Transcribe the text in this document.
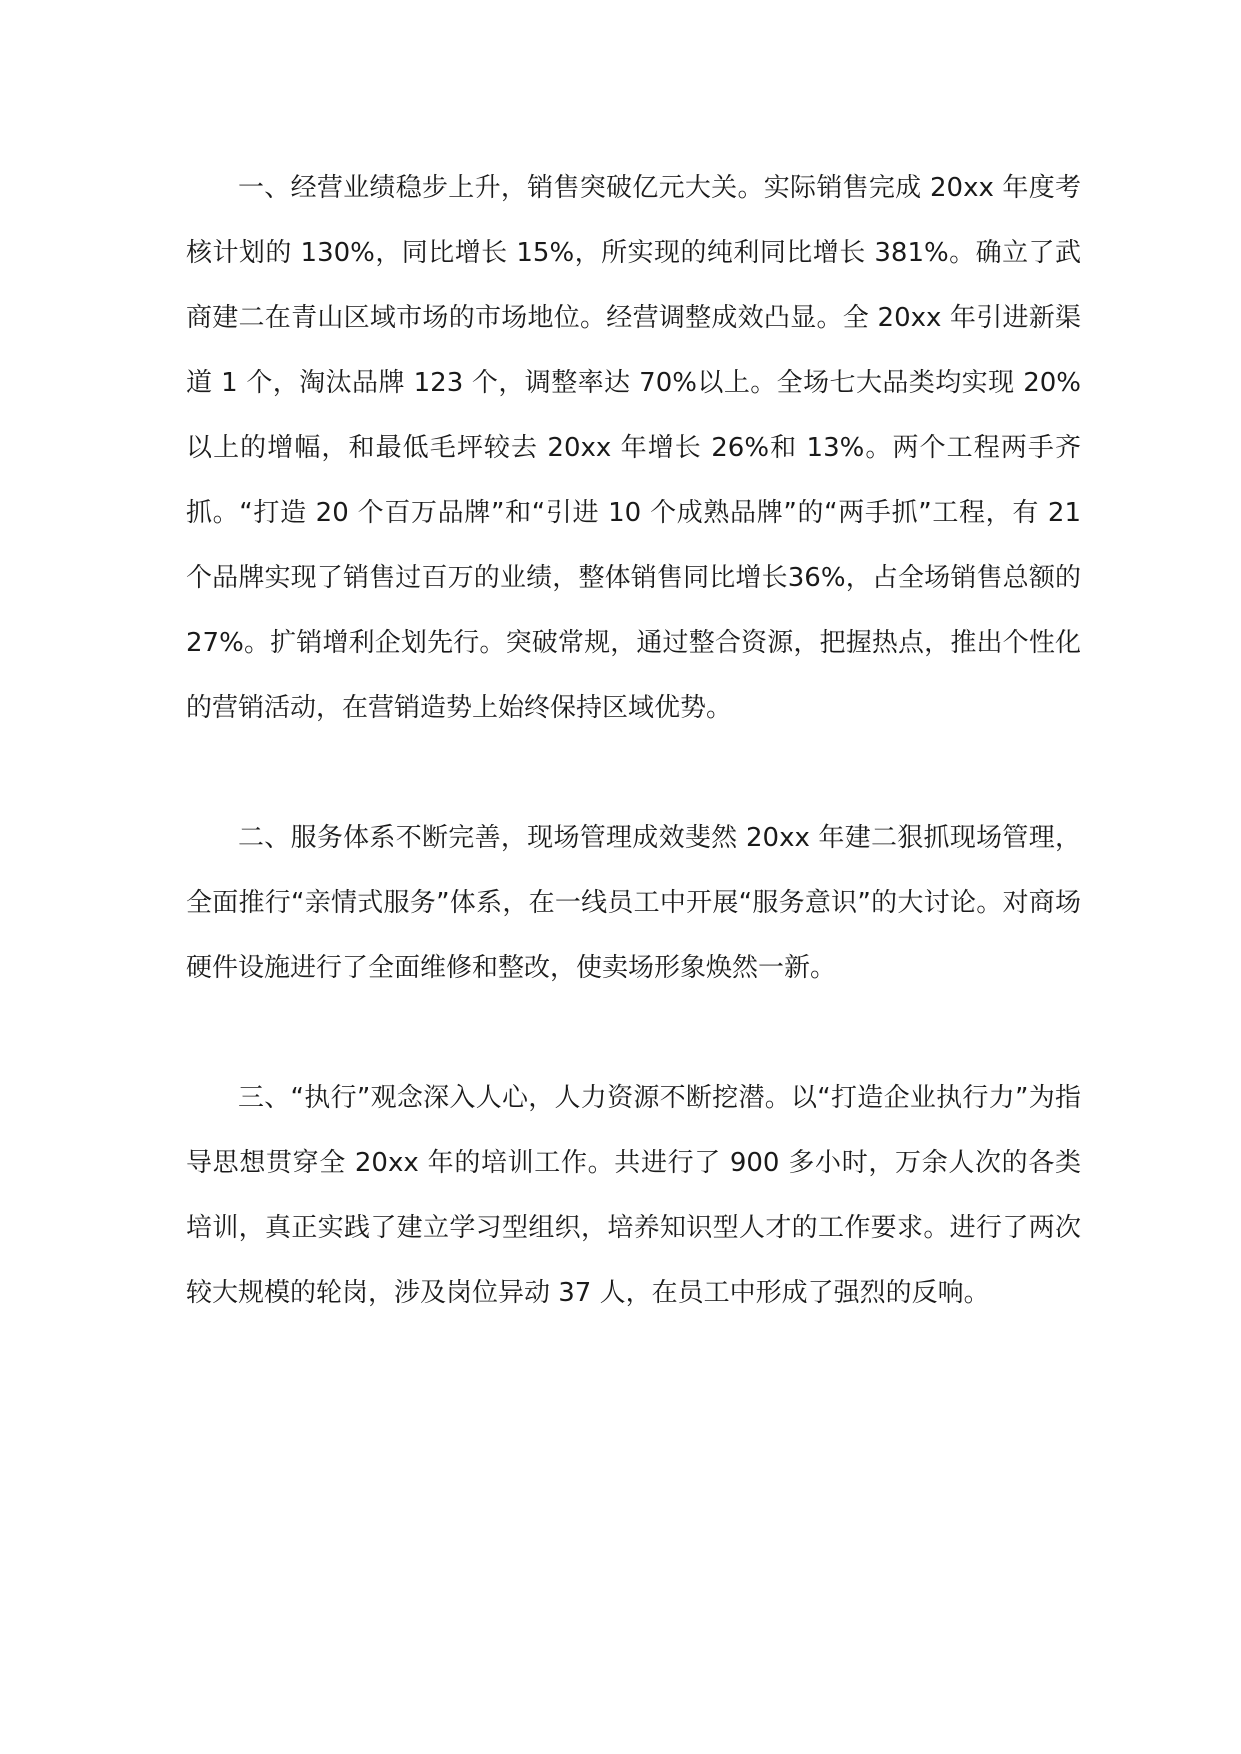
一、经营业绩稳步上升，销售突破亿元大关。实际销售完成 20xx 年度考核计划的 130%，同比增长 15%，所实现的纯利同比增长 381%。确立了武商建二在青山区域市场的市场地位。经营调整成效凸显。全 20xx 年引进新渠道 1 个，淘汰品牌 123 个，调整率达 70%以上。全场七大品类均实现 20%以上的增幅，和最低毛坪较去 20xx 年增长 26%和 13%。两个工程两手齐抓。“打造 20 个百万品牌”和“引进 10 个成熟品牌”的“两手抓”工程，有 21 个品牌实现了销售过百万的业绩，整体销售同比增长36%，占全场销售总额的27%。扩销增利企划先行。突破常规，通过整合资源，把握热点，推出个性化的营销活动，在营销造势上始终保持区域优势。

二、服务体系不断完善，现场管理成效斐然 20xx 年建二狠抓现场管理，全面推行“亲情式服务”体系，在一线员工中开展“服务意识”的大讨论。对商场硬件设施进行了全面维修和整改，使卖场形象焕然一新。

三、“执行”观念深入人心，人力资源不断挖潜。以“打造企业执行力”为指导思想贯穿全 20xx 年的培训工作。共进行了 900 多小时，万余人次的各类培训，真正实践了建立学习型组织，培养知识型人才的工作要求。进行了两次较大规模的轮岗，涉及岗位异动 37 人，在员工中形成了强烈的反响。
